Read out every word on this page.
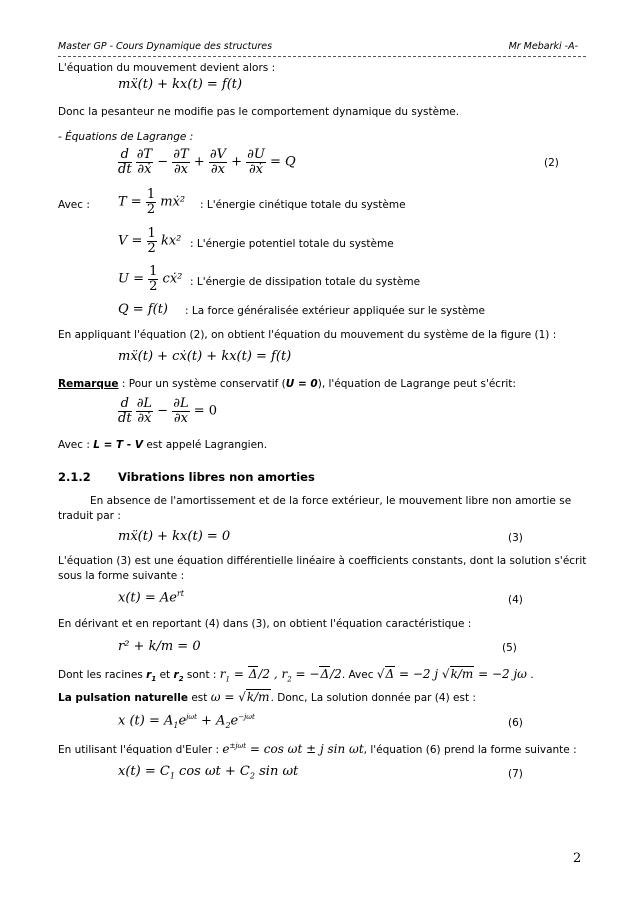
Master GP - Cours Dynamique des structures	Mr Mebarki -A-
L'équation du mouvement devient alors :
mẍ(t) + kx(t) = f(t)
Donc la pesanteur ne modifie pas le comportement dynamique du système.
- Équations de Lagrange :
$\frac{d}{dt}$
$\frac{\partial T}{\text{∂ẋ}} - \frac{\partial T}{\partial x} + \frac{\partial V}{\partial x} + \frac{\partial U}{\text{∂ẋ}} = Q$	(2)
Avec : $T = \frac{1}{2}$ mẋ² : L'énergie cinétique totale du système
$V = \frac{1}{2} kx^2$ : L'énergie potentiel totale du système
$U = \frac{1}{2}$ cẋ² : L'énergie de dissipation totale du système
Q = f(t) : La force généralisée extérieur appliquée sur le système
En appliquant l'équation (2), on obtient l'équation du mouvement du système de la figure (1) :
mẍ(t) + cẋ(t) + kx(t) = f(t)
Remarque : Pour un système conservatif (U = 0), l'équation de Lagrange peut s'écrit:
$\frac{d}{dt}$
$\frac{\partial L}{\text{∂ẋ}} - \frac{\partial L}{\partial x} = 0$
Avec : L = T - V est appelé Lagrangien.
2.1.2 Vibrations libres non amorties
En absence de l'amortissement et de la force extérieur, le mouvement libre non amortie se
traduit par :
mẍ(t) + kx(t) = 0	(3)
L'équation (3) est une équation différentielle linéaire à coefficients constants, dont la solution s'écrit
sous la forme suivante :
$x(t) = Ae^{rt}$
(4)
En dérivant et en reportant (4) dans (3), on obtient l'équation caractéristique :
r² + k/m = 0	(5)
Dont les racines $r_1$ et $r_2$ sont : $r_1 = \Delta/2$ , $r_2 = -\Delta/2$. Avec √Δ = −2 j √k/m = −2 jω .
La pulsation naturelle est ω = √k/m. Donc, La solution donnée par (4) est :
x $(t) = A_1e^{j\omega t} + A_2e^{-j\omega t}$	(6)
En utilisant l'équation d'Euler : $e^{\pm j\omega t} = \cos \omega t \pm j$ sin ωt, l'équation (6) prend la forme suivante :
$x(t) = C_1$ $\cos \omega t + C_2$ sin ωt	(7)
2
